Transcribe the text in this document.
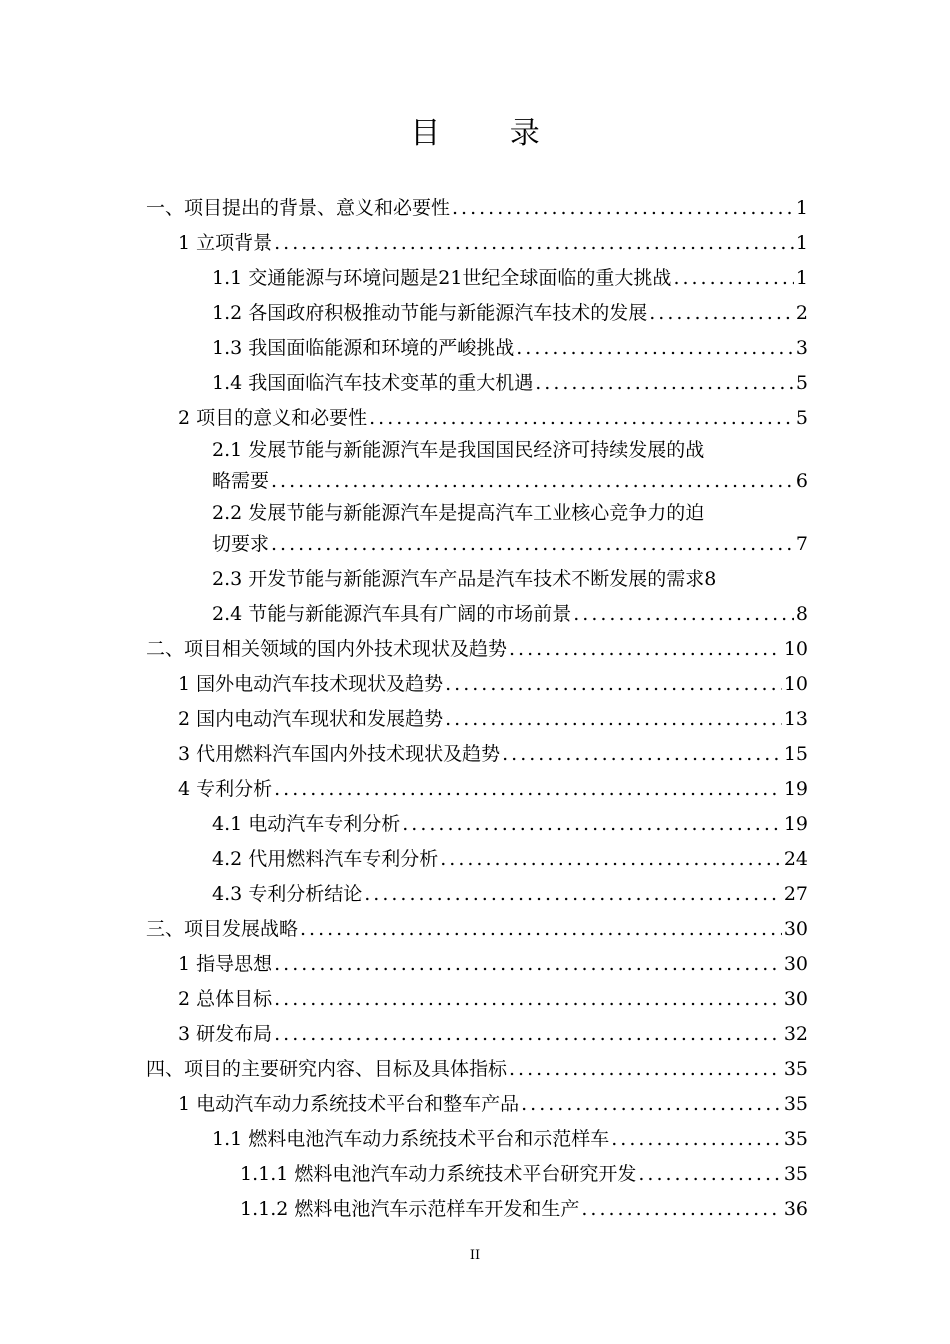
目 录
一、项目提出的背景、意义和必要性 .....	1
1 立项背景 .....	1
1.1 交通能源与环境问题是21世纪全球面临的重大挑战 .....	1
1.2 各国政府积极推动节能与新能源汽车技术的发展 .....	2
1.3 我国面临能源和环境的严峻挑战 .....	3
1.4 我国面临汽车技术变革的重大机遇 .....	5
2 项目的意义和必要性 .....	5
2.1 发展节能与新能源汽车是我国国民经济可持续发展的战
略需要 .....	6
2.2 发展节能与新能源汽车是提高汽车工业核心竞争力的迫
切要求 .....	7
2.3 开发节能与新能源汽车产品是汽车技术不断发展的需求 8
2.4 节能与新能源汽车具有广阔的市场前景 .....	8
二、项目相关领域的国内外技术现状及趋势 .....	10
1 国外电动汽车技术现状及趋势 .....	10
2 国内电动汽车现状和发展趋势 .....	13
3 代用燃料汽车国内外技术现状及趋势 .....	15
4 专利分析 .....	19
4.1 电动汽车专利分析 .....	19
4.2 代用燃料汽车专利分析 .....	24
4.3 专利分析结论 .....	27
三、项目发展战略 .....	30
1 指导思想 .....	30
2 总体目标 .....	30
3 研发布局 .....	32
四、项目的主要研究内容、目标及具体指标 .....	35
1 电动汽车动力系统技术平台和整车产品 .....	35
1.1 燃料电池汽车动力系统技术平台和示范样车 .....	35
1.1.1 燃料电池汽车动力系统技术平台研究开发 .....	35
1.1.2 燃料电池汽车示范样车开发和生产 .....	36
II
